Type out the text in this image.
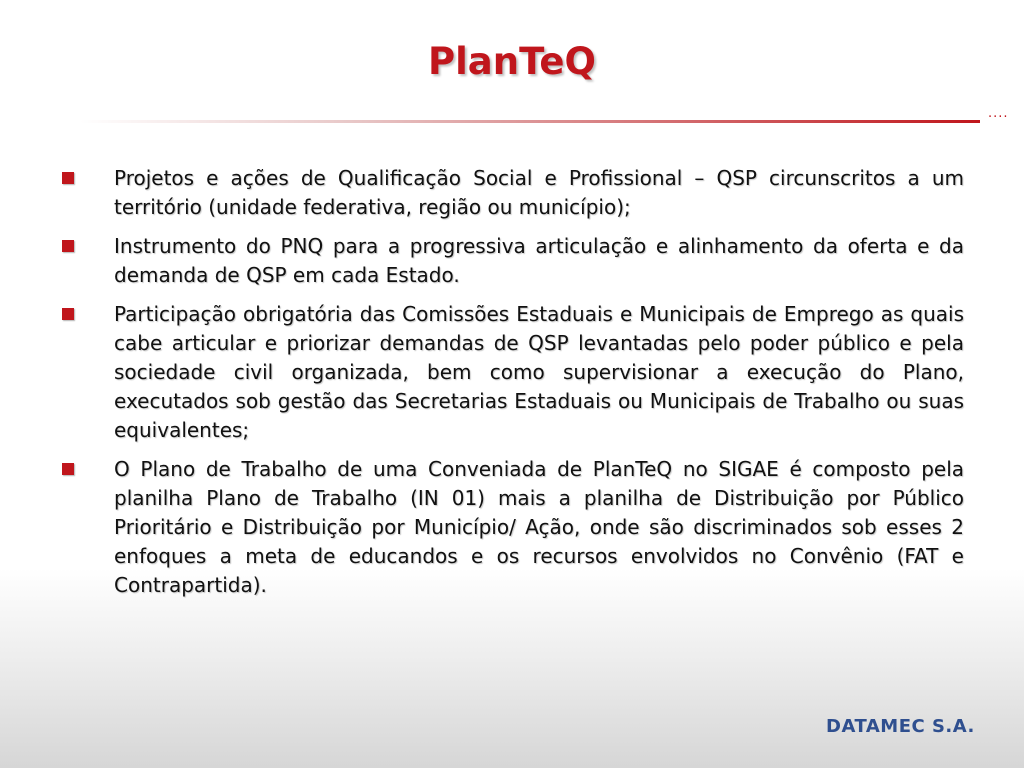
PlanTeQ
....
Projetos e ações de Qualificação Social e Profissional – QSP circunscritos a um território (unidade federativa, região ou município);
Instrumento do PNQ para a progressiva articulação e alinhamento da oferta e da demanda de QSP em cada Estado.
Participação obrigatória das Comissões Estaduais e Municipais de Emprego as quais cabe articular e priorizar demandas de QSP levantadas pelo poder público e pela sociedade civil organizada, bem como supervisionar a execução do Plano, executados sob gestão das Secretarias Estaduais ou Municipais de Trabalho ou suas equivalentes;
O Plano de Trabalho de uma Conveniada de PlanTeQ no SIGAE é composto pela planilha Plano de Trabalho (IN 01) mais a planilha de Distribuição por Público Prioritário e Distribuição por Município/ Ação, onde são discriminados sob esses 2 enfoques a meta de educandos e os recursos envolvidos no Convênio (FAT e Contrapartida).
DATAMEC S.A.
